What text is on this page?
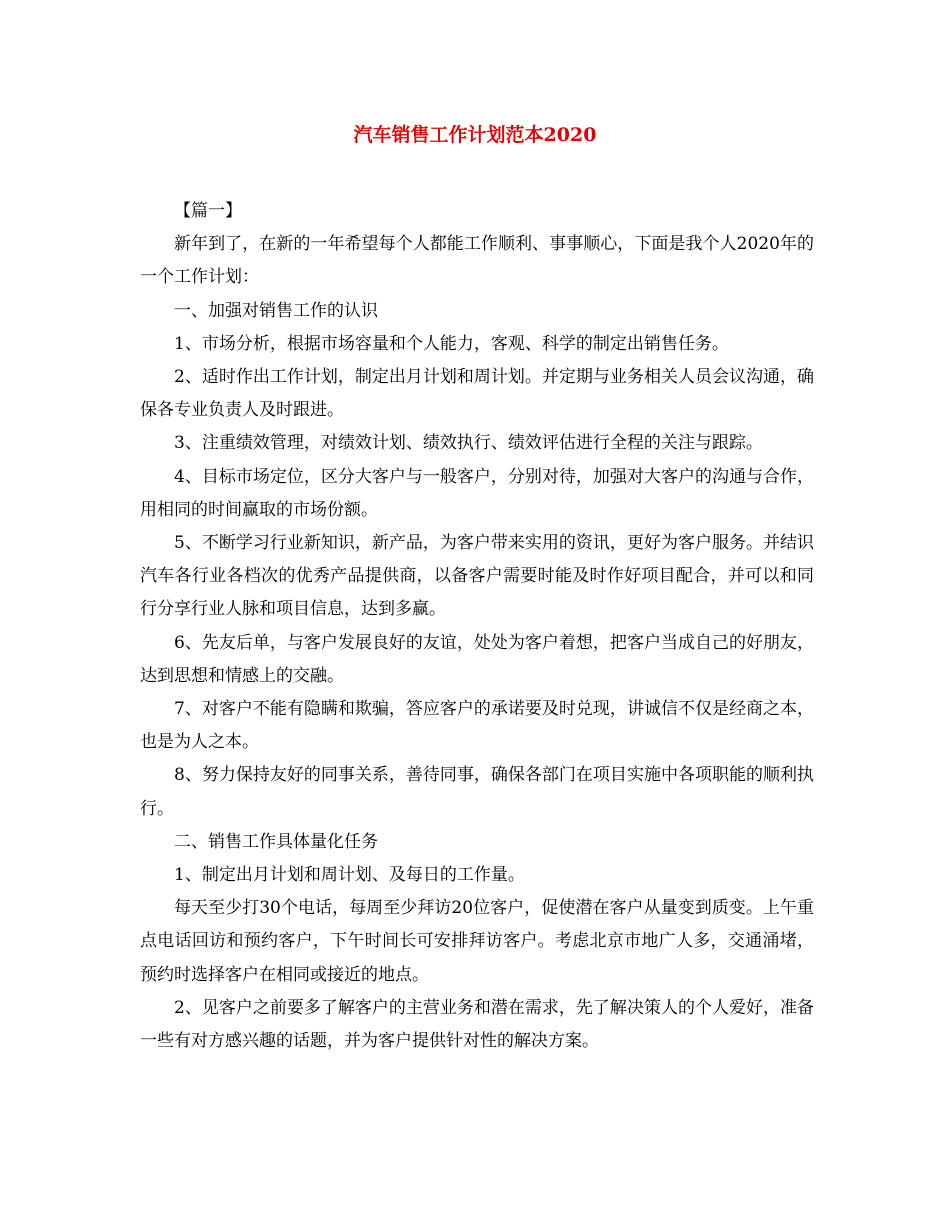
汽车销售工作计划范本2020

【篇一】

新年到了，在新的一年希望每个人都能工作顺利、事事顺心，下面是我个人2020年的一个工作计划：

一、加强对销售工作的认识

1、市场分析，根据市场容量和个人能力，客观、科学的制定出销售任务。

2、适时作出工作计划，制定出月计划和周计划。并定期与业务相关人员会议沟通，确保各专业负责人及时跟进。

3、注重绩效管理，对绩效计划、绩效执行、绩效评估进行全程的关注与跟踪。

4、目标市场定位，区分大客户与一般客户，分别对待，加强对大客户的沟通与合作，用相同的时间赢取的市场份额。

5、不断学习行业新知识，新产品，为客户带来实用的资讯，更好为客户服务。并结识汽车各行业各档次的优秀产品提供商，以备客户需要时能及时作好项目配合，并可以和同行分享行业人脉和项目信息，达到多赢。

6、先友后单，与客户发展良好的友谊，处处为客户着想，把客户当成自己的好朋友，达到思想和情感上的交融。

7、对客户不能有隐瞒和欺骗，答应客户的承诺要及时兑现，讲诚信不仅是经商之本，也是为人之本。

8、努力保持友好的同事关系，善待同事，确保各部门在项目实施中各项职能的顺利执行。

二、销售工作具体量化任务

1、制定出月计划和周计划、及每日的工作量。

每天至少打30个电话，每周至少拜访20位客户，促使潜在客户从量变到质变。上午重点电话回访和预约客户，下午时间长可安排拜访客户。考虑北京市地广人多，交通涌堵，预约时选择客户在相同或接近的地点。

2、见客户之前要多了解客户的主营业务和潜在需求，先了解决策人的个人爱好，准备一些有对方感兴趣的话题，并为客户提供针对性的解决方案。
